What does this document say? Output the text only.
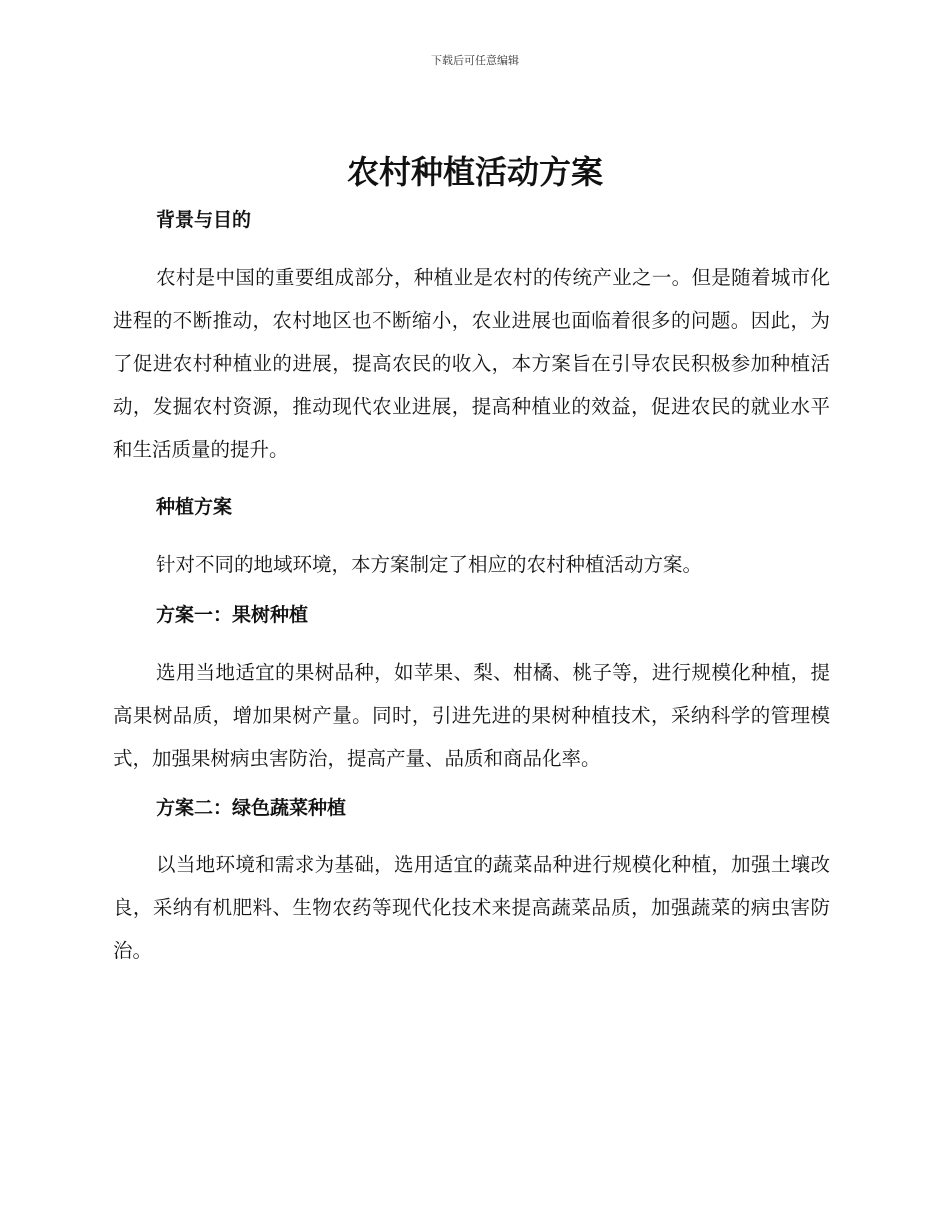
下载后可任意编辑
农村种植活动方案
背景与目的

农村是中国的重要组成部分，种植业是农村的传统产业之一。但是随着城市化进程的不断推动，农村地区也不断缩小，农业进展也面临着很多的问题。因此，为了促进农村种植业的进展，提高农民的收入，本方案旨在引导农民积极参加种植活动，发掘农村资源，推动现代农业进展，提高种植业的效益，促进农民的就业水平和生活质量的提升。

种植方案

针对不同的地域环境，本方案制定了相应的农村种植活动方案。

方案一：果树种植

选用当地适宜的果树品种，如苹果、梨、柑橘、桃子等，进行规模化种植，提高果树品质，增加果树产量。同时，引进先进的果树种植技术，采纳科学的管理模式，加强果树病虫害防治，提高产量、品质和商品化率。

方案二：绿色蔬菜种植

以当地环境和需求为基础，选用适宜的蔬菜品种进行规模化种植，加强土壤改良，采纳有机肥料、生物农药等现代化技术来提高蔬菜品质，加强蔬菜的病虫害防治。
